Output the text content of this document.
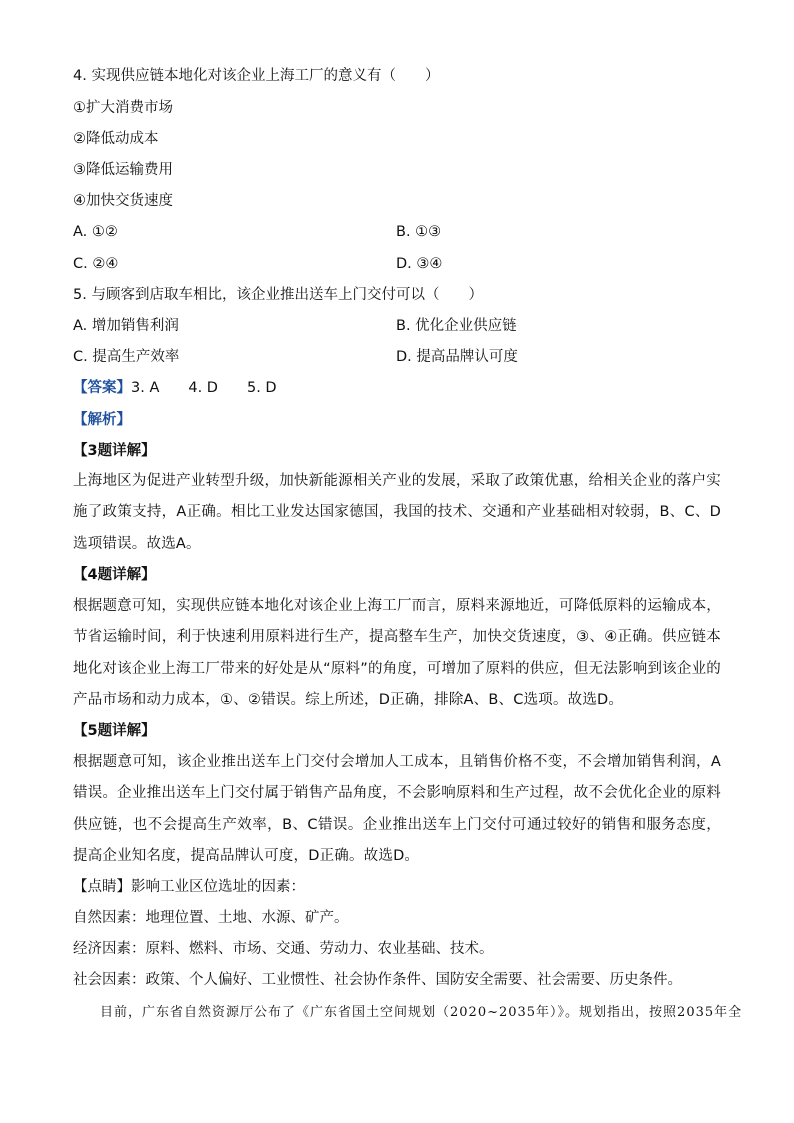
4. 实现供应链本地化对该企业上海工厂的意义有（　　）
①扩大消费市场
②降低动成本
③降低运输费用
④加快交货速度
A. ①②	B. ①③
C. ②④	D. ③④
5. 与顾客到店取车相比，该企业推出送车上门交付可以（　　）
A. 增加销售利润	B. 优化企业供应链
C. 提高生产效率	D. 提高品牌认可度
【答案】3. A　　4. D　　5. D
【解析】
【3题详解】
上海地区为促进产业转型升级，加快新能源相关产业的发展，采取了政策优惠，给相关企业的落户实施了政策支持，A正确。相比工业发达国家德国，我国的技术、交通和产业基础相对较弱，B、C、D选项错误。故选A。
【4题详解】
根据题意可知，实现供应链本地化对该企业上海工厂而言，原料来源地近，可降低原料的运输成本，节省运输时间，利于快速利用原料进行生产，提高整车生产，加快交货速度，③、④正确。供应链本地化对该企业上海工厂带来的好处是从“原料”的角度，可增加了原料的供应，但无法影响到该企业的产品市场和动力成本，①、②错误。综上所述，D正确，排除A、B、C选项。故选D。
【5题详解】
根据题意可知，该企业推出送车上门交付会增加人工成本，且销售价格不变，不会增加销售利润，A错误。企业推出送车上门交付属于销售产品角度，不会影响原料和生产过程，故不会优化企业的原料供应链，也不会提高生产效率，B、C错误。企业推出送车上门交付可通过较好的销售和服务态度，提高企业知名度，提高品牌认可度，D正确。故选D。
【点睛】影响工业区位选址的因素：
自然因素：地理位置、土地、水源、矿产。
经济因素：原料、燃料、市场、交通、劳动力、农业基础、技术。
社会因素：政策、个人偏好、工业惯性、社会协作条件、国防安全需要、社会需要、历史条件。
目前，广东省自然资源厅公布了《广东省国土空间规划（2020~2035年）》。规划指出，按照2035年全
